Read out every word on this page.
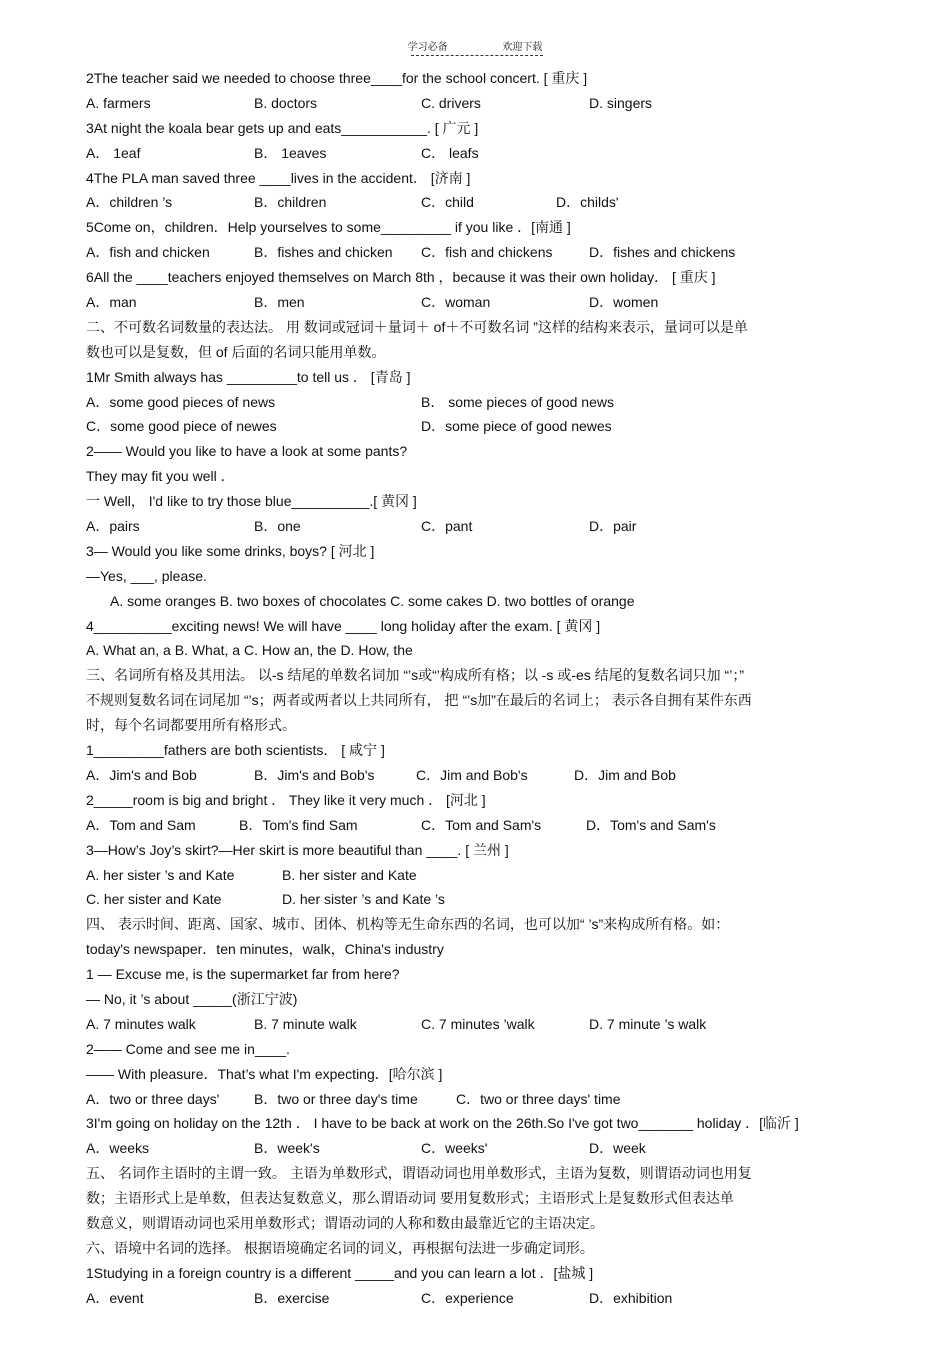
学习必备	欢迎下载
2The teacher said we needed to choose three____for the school concert. [ 重庆 ]
A. farmers	B. doctors	C. drivers	D. singers
3At night the koala bear gets up and eats___________. [ 广元 ]
A． 1eaf	B． 1eaves	C． leafs
4The PLA man saved three ____lives in the accident． [济南 ]
A．children ’s	B．children	C．child	D．childs'
5Come on，children．Help yourselves to some_________ if you like ．[南通 ]
A．fish and chicken	B．fishes and chicken C．fish and chickens	D．fishes and chickens
6All the ____teachers enjoyed themselves on March 8th ，because it was their own holiday． [ 重庆 ]
A．man	B．men	C．woman	D．women
二、不可数名词数量的表达法。 用 数词或冠词＋量词＋ of＋不可数名词 ”这样的结构来表示，量词可以是单
数也可以是复数，但 of 后面的名词只能用单数。
1Mr Smith always has _________to tell us ． [青岛 ]
A．some good pieces of news	B． some pieces of good news
C．some good piece of newes	D．some piece of good newes
2—— Would you like to have a look at some pants?
They may fit you well ．
一 Well， I'd like to try those blue__________.[ 黄冈 ]
A．pairs	B．one	C．pant	D．pair
3— Would you like some drinks, boys? [ 河北 ]
—Yes, ___, please.
A. some oranges B. two boxes of chocolates C. some cakes D. two bottles of orange
4__________exciting news! We will have ____ long holiday after the exam. [ 黄冈 ]
A. What an, a B. What, a C. How an, the D. How, the
三、名词所有格及其用法。 以-s 结尾的单数名词加 “’s或“’构成所有格；以 -s 或-es 结尾的复数名词只加 “’；”
不规则复数名词在词尾加 “’s；两者或两者以上共同所有， 把 “’s加”在最后的名词上； 表示各自拥有某件东西
时，每个名词都要用所有格形式。
1_________fathers are both scientists． [ 咸宁 ]
A．Jim's and Bob	B．Jim's and Bob's	C．Jim and Bob's	D．Jim and Bob
2_____room is big and bright ． They like it very much ． [河北 ]
A．Tom and Sam	B．Tom's find Sam	C．Tom and Sam's	D．Tom's and Sam's
3—How’s Joy’s skirt?—Her skirt is more beautiful than ____. [ 兰州 ]
A. her sister ’s and Kate	B. her sister and Kate
C. her sister and Kate	D. her sister ’s and Kate ’s
四、 表示时间、距离、国家、城市、团体、机构等无生命东西的名词，也可以加“ ’s”来构成所有格。如：
today's newspaper．ten minutes，walk，China's industry
1 — Excuse me, is the supermarket far from here?
— No, it ’s about _____(浙江宁波)
A. 7 minutes walk	B. 7 minute walk	C. 7 minutes ’walk	D. 7 minute ’s walk
2—— Come and see me in____.
—— With pleasure．That’s what I'm expecting．[哈尔滨 ]
A．two or three days' B．two or three day's time	C．two or three days' time
3I'm going on holiday on the 12th ． I have to be back at work on the 26th.So I've got two_______ holiday ．[临沂 ]
A．weeks	B．week's	C．weeks'	D．week
五、 名词作主语时的主谓一致。 主语为单数形式，谓语动词也用单数形式，主语为复数，则谓语动词也用复
数；主语形式上是单数，但表达复数意义，那么谓语动词 要用复数形式；主语形式上是复数形式但表达单
数意义，则谓语动词也采用单数形式；谓语动词的人称和数由最靠近它的主语决定。
六、语境中名词的选择。 根据语境确定名词的词义，再根据句法进一步确定词形。
1Studying in a foreign country is a different _____and you can learn a lot ．[盐城 ]
A．event	B．exercise	C．experience	D．exhibition
